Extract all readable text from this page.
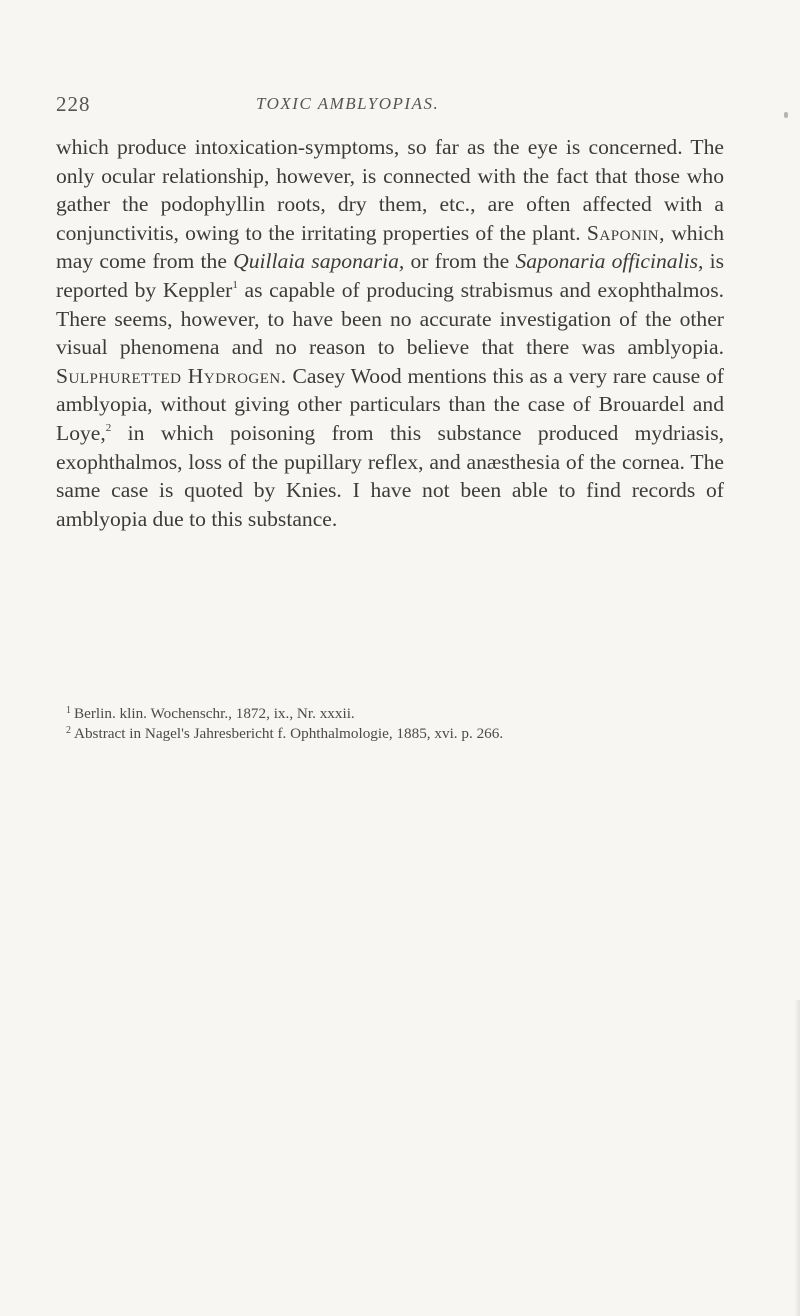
228	TOXIC AMBLYOPIAS.

which produce intoxication-symptoms, so far as the eye is concerned. The only ocular relationship, however, is connected with the fact that those who gather the podophyllin roots, dry them, etc., are often affected with a conjunctivitis, owing to the irritating properties of the plant. Saponin, which may come from the Quillaia saponaria, or from the Saponaria officinalis, is reported by Keppler$^1$ as capable of producing strabismus and exophthalmos. There seems, however, to have been no accurate investigation of the other visual phenomena and no reason to believe that there was amblyopia. Sulphuretted Hydrogen. Casey Wood mentions this as a very rare cause of amblyopia, without giving other particulars than the case of Brouardel and Loye,$^2$ in which poisoning from this substance produced mydriasis, exophthalmos, loss of the pupillary reflex, and anæsthesia of the cornea. The same case is quoted by Knies. I have not been able to find records of amblyopia due to this substance.

$^1$ Berlin. klin. Wochenschr., 1872, ix., Nr. xxxii.
$^2$ Abstract in Nagel's Jahresbericht f. Ophthalmologie, 1885, xvi. p. 266.
